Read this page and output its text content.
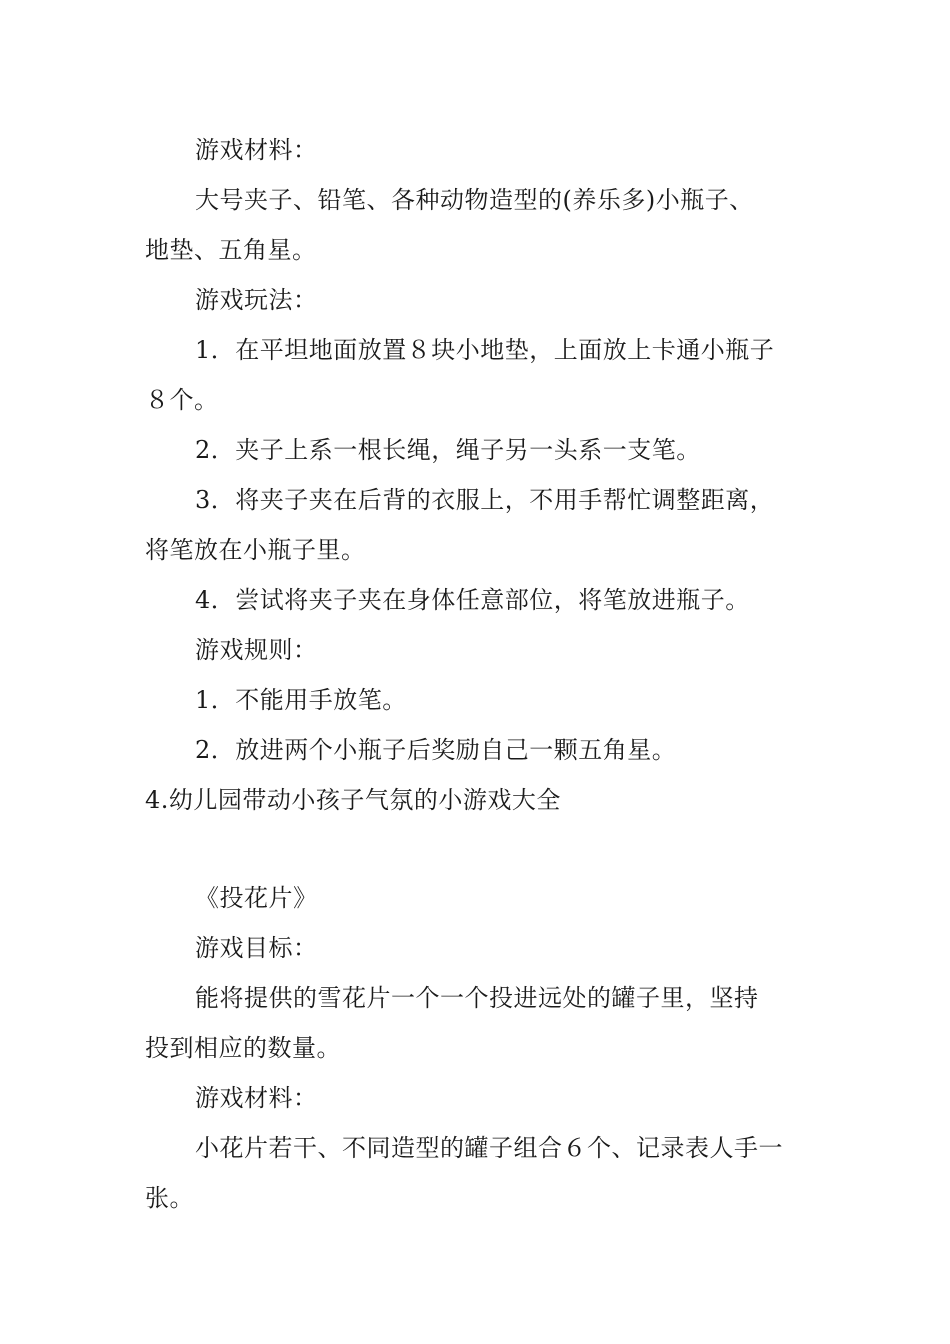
游戏材料：
大号夹子、铅笔、各种动物造型的(养乐多)小瓶子、
地垫、五角星。
游戏玩法：
1．在平坦地面放置８块小地垫，上面放上卡通小瓶子
８个。
2．夹子上系一根长绳，绳子另一头系一支笔。
3．将夹子夹在后背的衣服上，不用手帮忙调整距离，
将笔放在小瓶子里。
4．尝试将夹子夹在身体任意部位，将笔放进瓶子。
游戏规则：
1．不能用手放笔。
2．放进两个小瓶子后奖励自己一颗五角星。
4.幼儿园带动小孩子气氛的小游戏大全
《投花片》
游戏目标：
能将提供的雪花片一个一个投进远处的罐子里，坚持
投到相应的数量。
游戏材料：
小花片若干、不同造型的罐子组合６个、记录表人手一
张。
